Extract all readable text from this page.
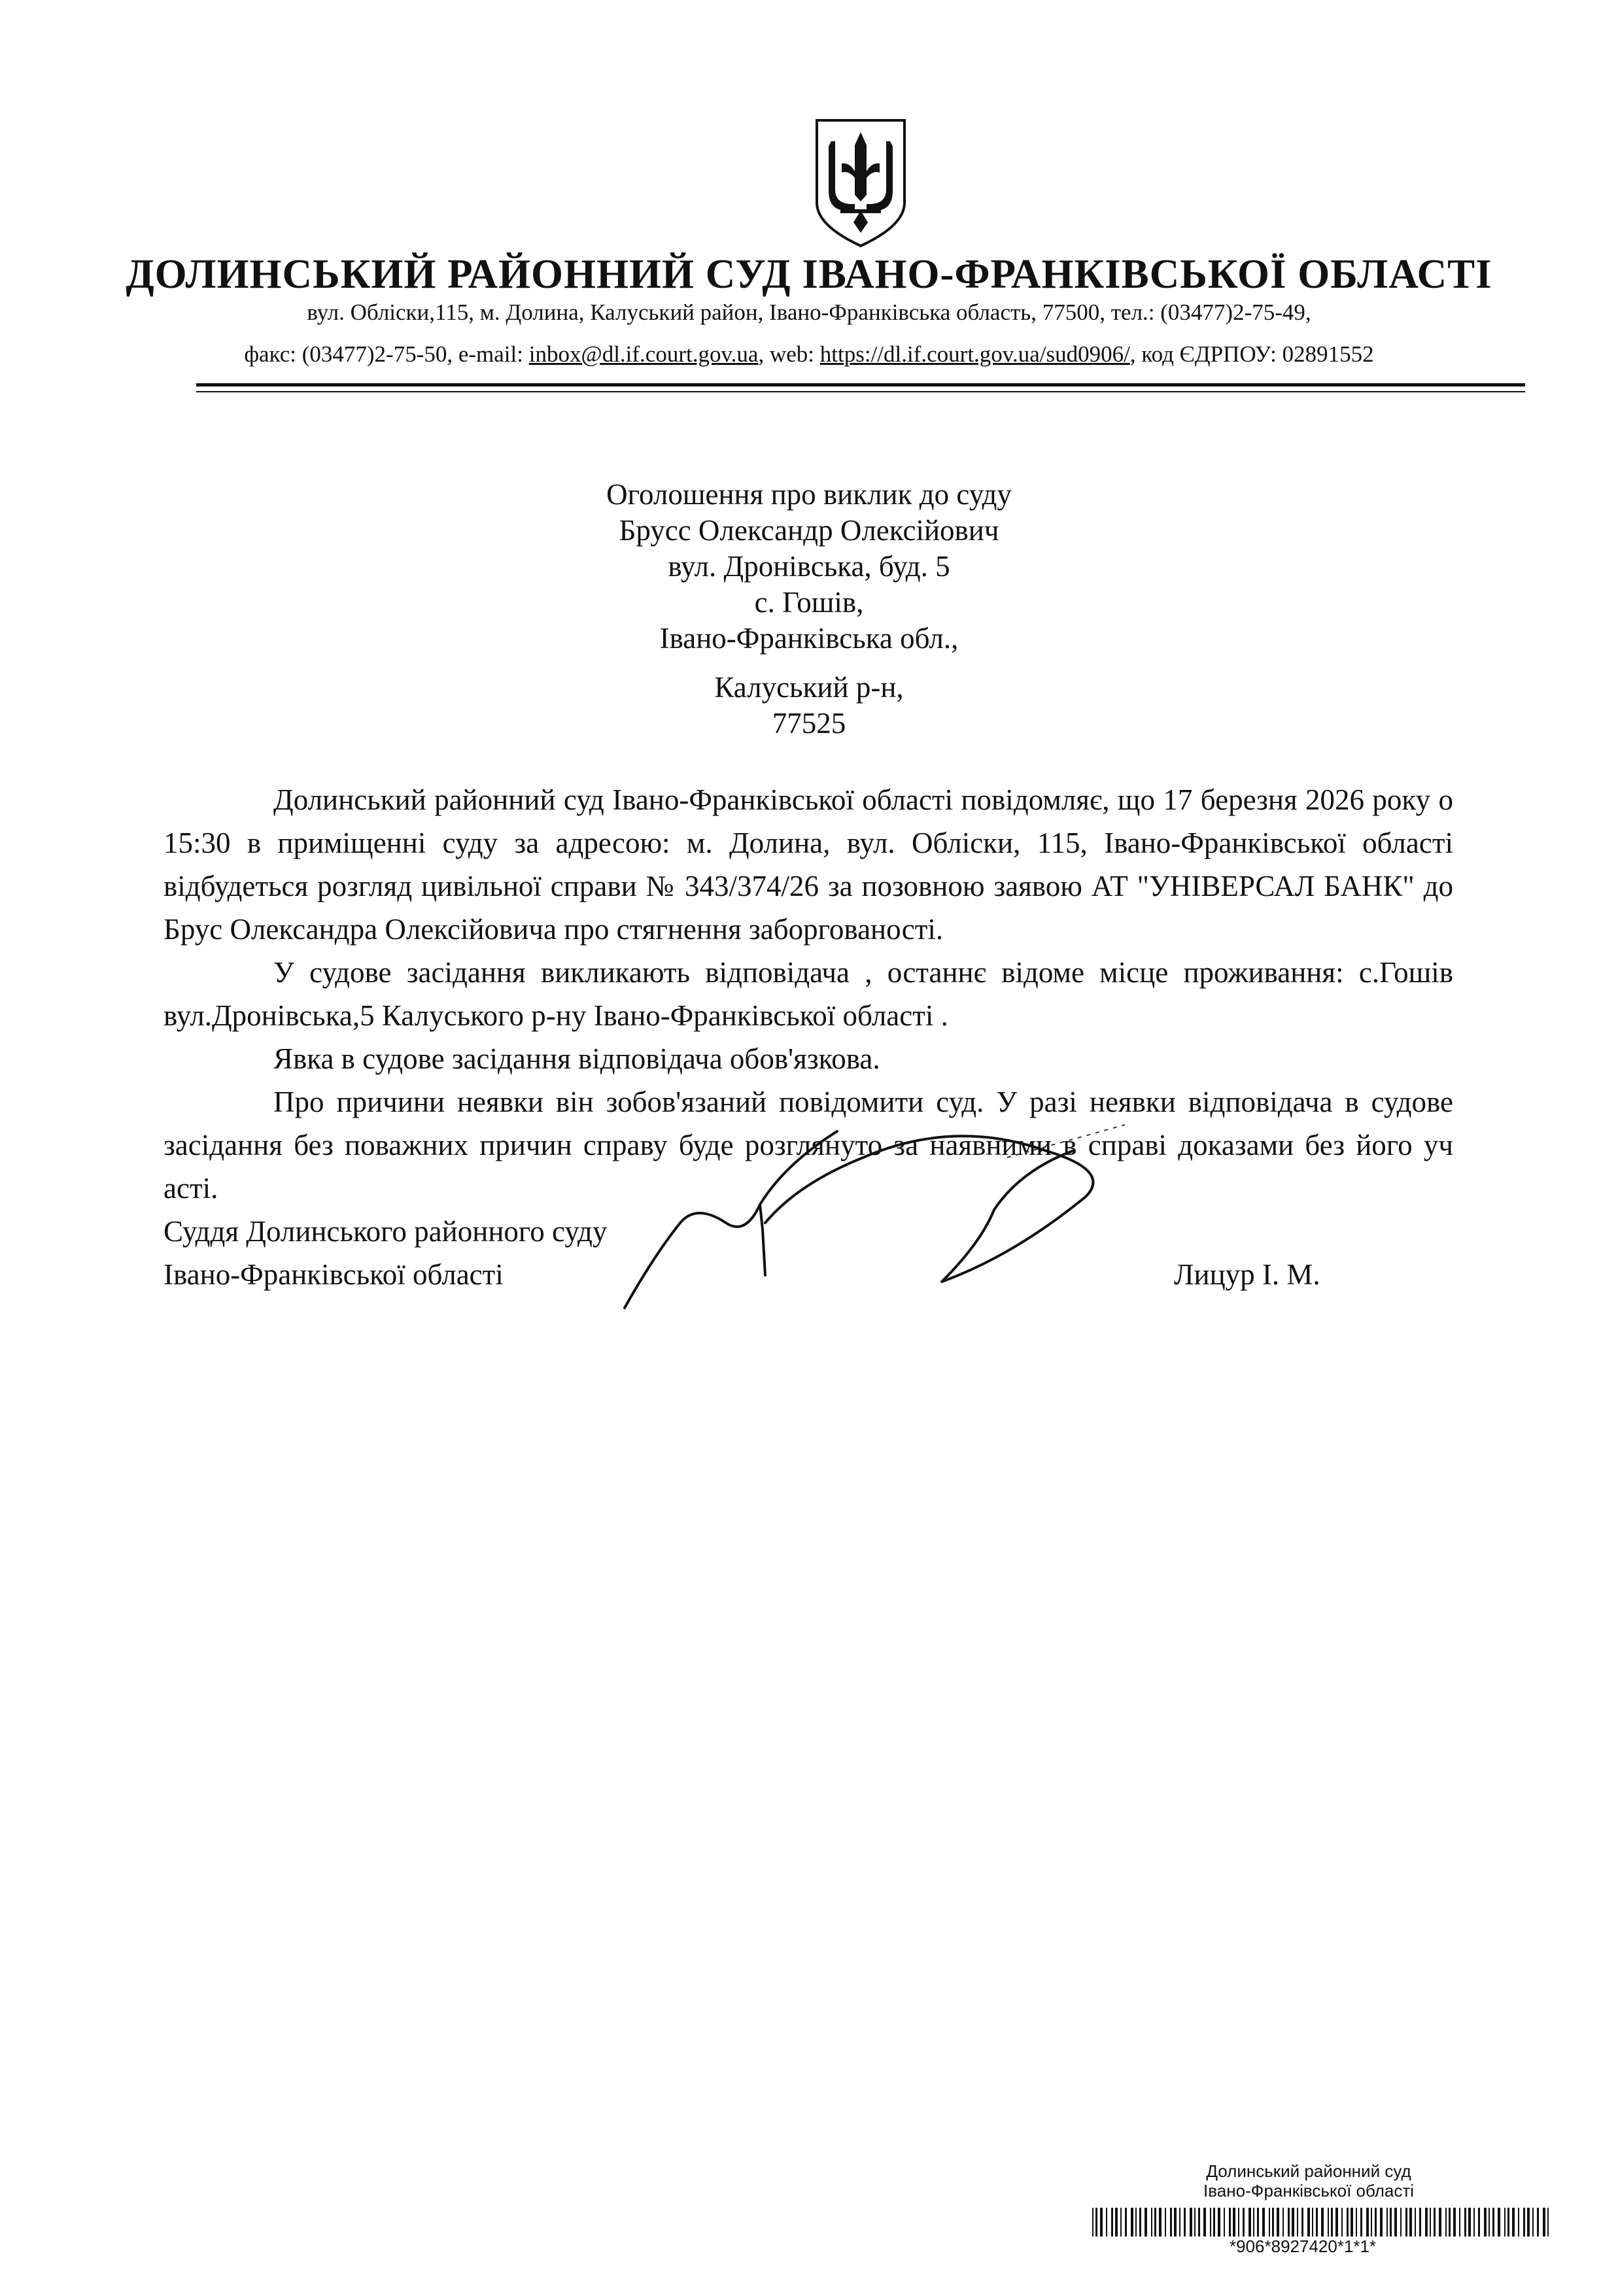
ДОЛИНСЬКИЙ РАЙОННИЙ СУД ІВАНО-ФРАНКІВСЬКОЇ ОБЛАСТІ
вул. Обліски,115, м. Долина, Калуський район, Івано-Франківська область, 77500, тел.: (03477)2-75-49,
факс: (03477)2-75-50, e-mail: inbox@dl.if.court.gov.ua, web: https://dl.if.court.gov.ua/sud0906/, код ЄДРПОУ: 02891552
Оголошення про виклик до суду
Брусс Олександр Олексійович
вул. Дронівська, буд. 5
с. Гошів,
Івано-Франківська обл.,
Калуський р-н,
77525

Долинський районний суд Івано-Франківської області повідомляє, що 17 березня 2026 року о 15:30 в приміщенні суду за адресою: м. Долина, вул. Обліски, 115, Івано-Франківської області відбудеться розгляд цивільної справи № 343/374/26 за позовною заявою АТ "УНІВЕРСАЛ БАНК" до Брус Олександра Олексійовича про стягнення заборгованості.

У судове засідання викликають відповідача , останнє відоме місце проживання: с.Гошів вул.Дронівська,5 Калуського р-ну Івано-Франківської області .

Явка в судове засідання відповідача обов'язкова.

Про причини неявки він зобов'язаний повідомити суд. У разі неявки відповідача в судове засідання без поважних причин справу буде розглянуто за наявними в справі доказами без його уч асті.

Суддя Долинського районного суду
Івано-Франківської області	Лицур І. М.
Долинський районний суд
Івано-Франківської області
*906*8927420*1*1*
